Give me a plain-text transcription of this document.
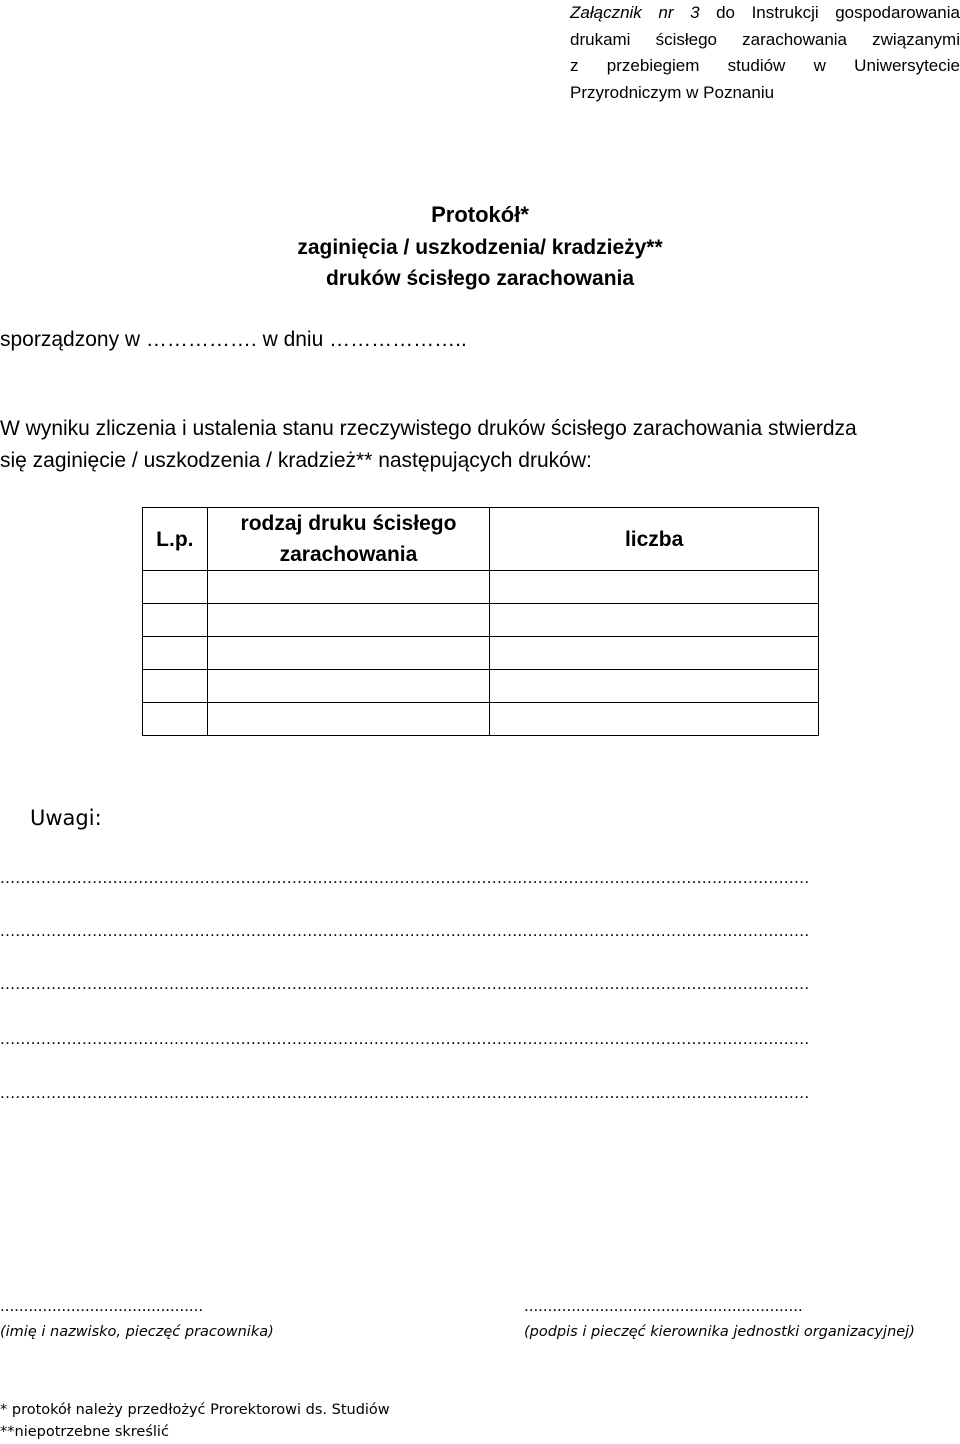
Załącznik nr 3 do Instrukcji gospodarowania
drukami ścisłego zarachowania związanymi
z przebiegiem studiów w Uniwersytecie
Przyrodniczym w Poznaniu
Protokół*
zaginięcia / uszkodzenia/ kradzieży**
druków ścisłego zarachowania
sporządzony w ……………. w dniu ………………..
W wyniku zliczenia i ustalenia stanu rzeczywistego druków ścisłego zarachowania stwierdza
się zaginięcie / uszkodzenia / kradzież** następujących druków:
L.p.	rodzaj druku ścisłego zarachowania	liczba

Uwagi:
..............................................................................................................................................................
..............................................................................................................................................................
..............................................................................................................................................................
..............................................................................................................................................................
..............................................................................................................................................................
...........................................
(imię i nazwisko, pieczęć pracownika)
...........................................................
(podpis i pieczęć kierownika jednostki organizacyjnej)
* protokół należy przedłożyć Prorektorowi ds. Studiów
**niepotrzebne skreślić
